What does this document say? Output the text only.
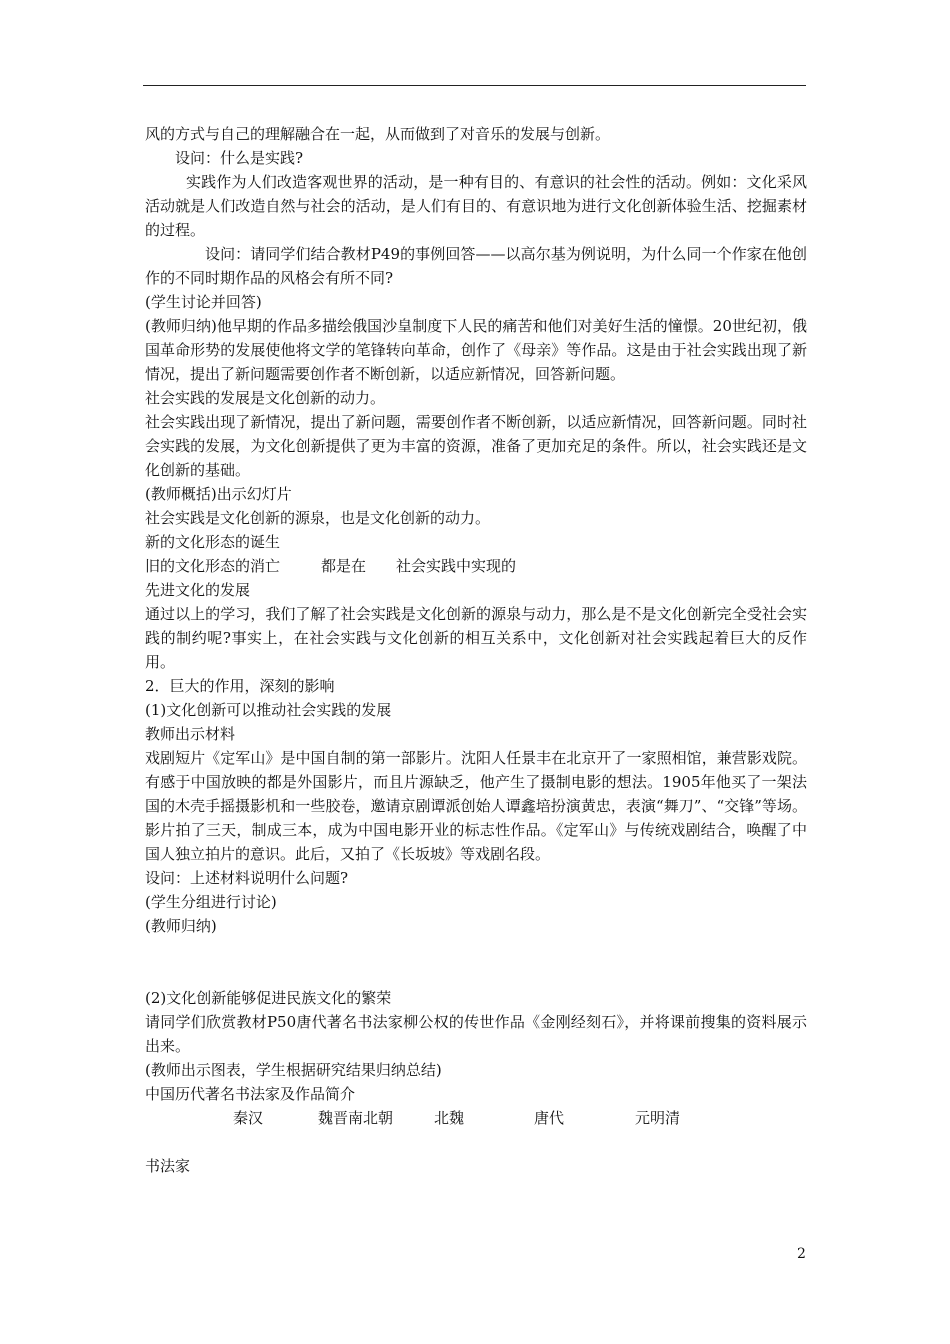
风的方式与自己的理解融合在一起，从而做到了对音乐的发展与创新。

设问：什么是实践?

实践作为人们改造客观世界的活动，是一种有目的、有意识的社会性的活动。例如：文化采风活动就是人们改造自然与社会的活动，是人们有目的、有意识地为进行文化创新体验生活、挖掘素材的过程。

设问：请同学们结合教材P49的事例回答——以高尔基为例说明，为什么同一个作家在他创作的不同时期作品的风格会有所不同?

(学生讨论并回答)

(教师归纳)他早期的作品多描绘俄国沙皇制度下人民的痛苦和他们对美好生活的憧憬。20世纪初，俄国革命形势的发展使他将文学的笔锋转向革命，创作了《母亲》等作品。这是由于社会实践出现了新情况，提出了新问题需要创作者不断创新，以适应新情况，回答新问题。

社会实践的发展是文化创新的动力。

社会实践出现了新情况，提出了新问题，需要创作者不断创新，以适应新情况，回答新问题。同时社会实践的发展，为文化创新提供了更为丰富的资源，准备了更加充足的条件。所以，社会实践还是文化创新的基础。

(教师概括)出示幻灯片

社会实践是文化创新的源泉，也是文化创新的动力。

新的文化形态的诞生

旧的文化形态的消亡	都是在 社会实践中实现的

先进文化的发展

通过以上的学习，我们了解了社会实践是文化创新的源泉与动力，那么是不是文化创新完全受社会实践的制约呢?事实上，在社会实践与文化创新的相互关系中，文化创新对社会实践起着巨大的反作用。

2．巨大的作用，深刻的影响

(1)文化创新可以推动社会实践的发展

教师出示材料

戏剧短片《定军山》是中国自制的第一部影片。沈阳人任景丰在北京开了一家照相馆，兼营影戏院。有感于中国放映的都是外国影片，而且片源缺乏，他产生了摄制电影的想法。1905年他买了一架法国的木壳手摇摄影机和一些胶卷，邀请京剧谭派创始人谭鑫培扮演黄忠，表演“舞刀”、“交锋”等场。影片拍了三天，制成三本，成为中国电影开业的标志性作品。《定军山》与传统戏剧结合，唤醒了中国人独立拍片的意识。此后，又拍了《长坂坡》等戏剧名段。

设问：上述材料说明什么问题?

(学生分组进行讨论)

(教师归纳)

(2)文化创新能够促进民族文化的繁荣

请同学们欣赏教材P50唐代著名书法家柳公权的传世作品《金刚经刻石》，并将课前搜集的资料展示出来。

(教师出示图表，学生根据研究结果归纳总结)

中国历代著名书法家及作品简介

秦汉	魏晋南北朝	北魏	唐代	元明清

书法家

2
